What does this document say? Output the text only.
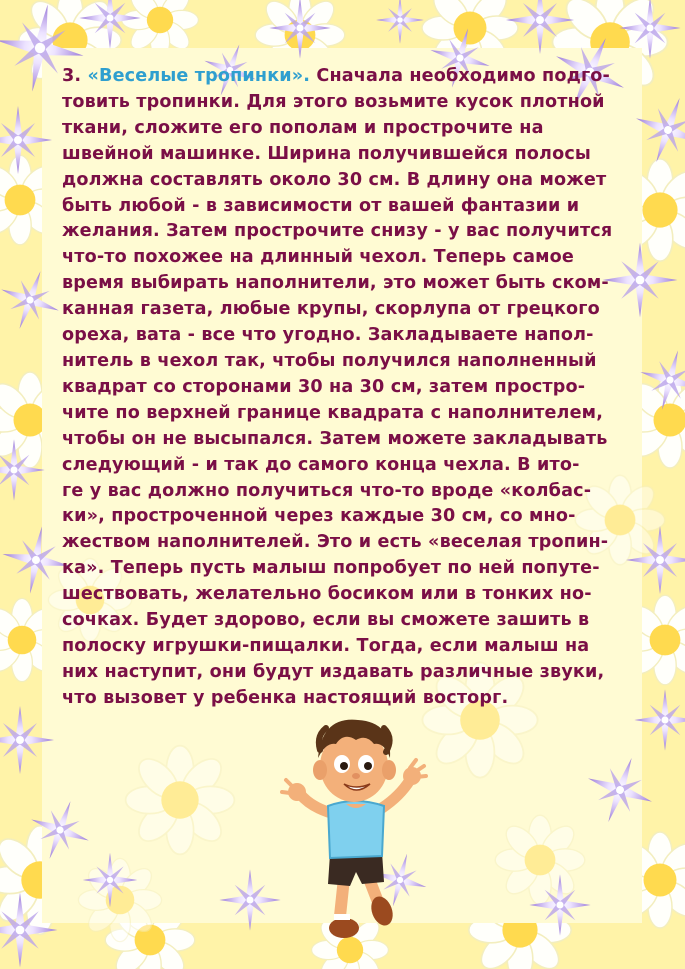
3. «Веселые тропинки». Сначала необходимо подго-
товить тропинки. Для этого возьмите кусок плотной
ткани, сложите его пополам и прострочите на
швейной машинке. Ширина получившейся полосы
должна составлять около 30 см. В длину она может
быть любой - в зависимости от вашей фантазии и
желания. Затем прострочите снизу - у вас получится
что-то похожее на длинный чехол. Теперь самое
время выбирать наполнители, это может быть ском-
канная газета, любые крупы, скорлупа от грецкого
ореха, вата - все что угодно. Закладываете напол-
нитель в чехол так, чтобы получился наполненный
квадрат со сторонами 30 на 30 см, затем простро-
чите по верхней границе квадрата с наполнителем,
чтобы он не высыпался. Затем можете закладывать
следующий - и так до самого конца чехла. В ито-
ге у вас должно получиться что-то вроде «колбас-
ки», простроченной через каждые 30 см, со мно-
жеством наполнителей. Это и есть «веселая тропин-
ка». Теперь пусть малыш попробует по ней попуте-
шествовать, желательно босиком или в тонких но-
сочках. Будет здорово, если вы сможете зашить в
полоску игрушки-пищалки. Тогда, если малыш на
них наступит, они будут издавать различные звуки,
что вызовет у ребенка настоящий восторг.
